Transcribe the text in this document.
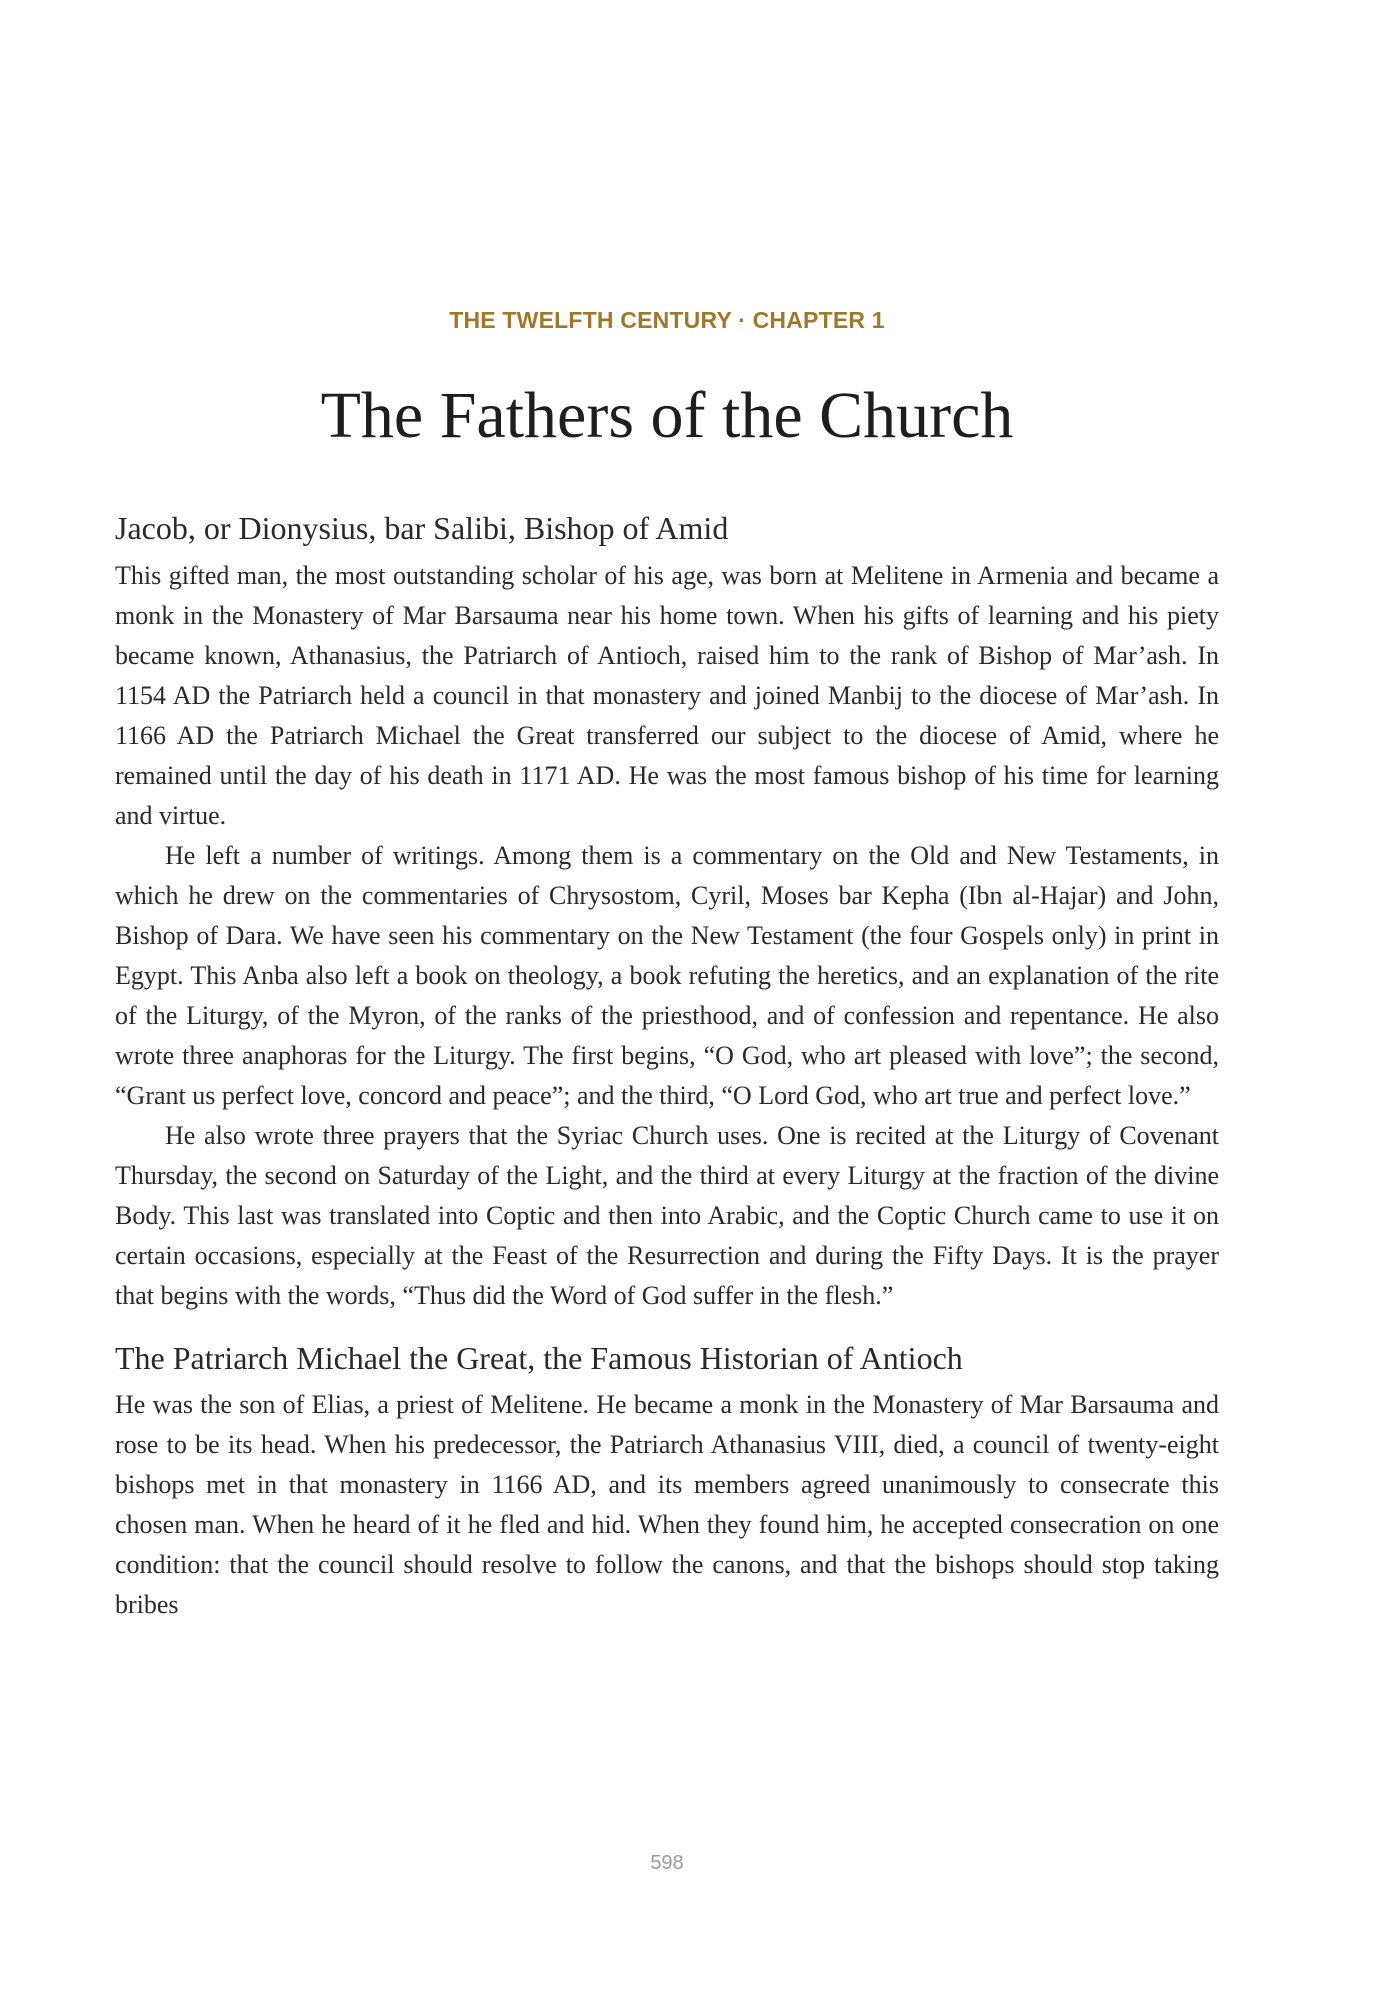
THE TWELFTH CENTURY · CHAPTER 1
The Fathers of the Church
Jacob, or Dionysius, bar Salibi, Bishop of Amid

This gifted man, the most outstanding scholar of his age, was born at Melitene in Armenia and became a monk in the Monastery of Mar Barsauma near his home town. When his gifts of learning and his piety became known, Athanasius, the Patriarch of Antioch, raised him to the rank of Bishop of Mar’ash. In 1154 AD the Patriarch held a council in that monastery and joined Manbij to the diocese of Mar’ash. In 1166 AD the Patriarch Michael the Great transferred our subject to the diocese of Amid, where he remained until the day of his death in 1171 AD. He was the most famous bishop of his time for learning and virtue.

He left a number of writings. Among them is a commentary on the Old and New Testaments, in which he drew on the commentaries of Chrysostom, Cyril, Moses bar Kepha (Ibn al-Hajar) and John, Bishop of Dara. We have seen his commentary on the New Testament (the four Gospels only) in print in Egypt. This Anba also left a book on theology, a book refuting the heretics, and an explanation of the rite of the Liturgy, of the Myron, of the ranks of the priesthood, and of confession and repentance. He also wrote three anaphoras for the Liturgy. The first begins, “O God, who art pleased with love”; the second, “Grant us perfect love, concord and peace”; and the third, “O Lord God, who art true and perfect love.”

He also wrote three prayers that the Syriac Church uses. One is recited at the Liturgy of Covenant Thursday, the second on Saturday of the Light, and the third at every Liturgy at the fraction of the divine Body. This last was translated into Coptic and then into Arabic, and the Coptic Church came to use it on certain occasions, especially at the Feast of the Resurrection and during the Fifty Days. It is the prayer that begins with the words, “Thus did the Word of God suffer in the flesh.”

The Patriarch Michael the Great, the Famous Historian of Antioch

He was the son of Elias, a priest of Melitene. He became a monk in the Monastery of Mar Barsauma and rose to be its head. When his predecessor, the Patriarch Athanasius VIII, died, a council of twenty-eight bishops met in that monastery in 1166 AD, and its members agreed unanimously to consecrate this chosen man. When he heard of it he fled and hid. When they found him, he accepted consecration on one condition: that the council should resolve to follow the canons, and that the bishops should stop taking bribes

598
